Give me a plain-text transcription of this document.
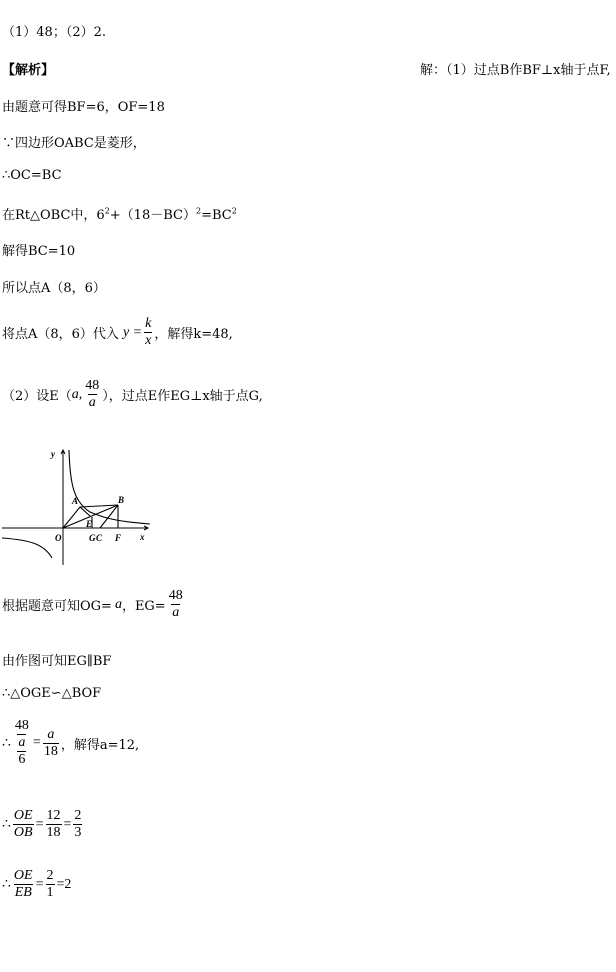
（1）48；（2）2.
【解析】	解：（1）过点B作BF⊥x轴于点F,
由题意可得BF=6，OF=18
∵四边形OABC是菱形，
∴OC=BC
在Rt△OBC中，$6^2+(18-BC)^2=BC^2$
解得BC=10
所以点A（8，6）
将点A（8，6）代入 $y = \frac{k}{x}$ ，解得k=48,
（2）设E（ a , $\frac{48}{a}$ ），过点E作EG⊥x轴于点G,
y
x
O
A	B
E
G C F
根据题意可知OG= a ，$EG= \frac{48}{a}$
由作图可知EG∥BF
∴△OGE∽△BOF
∴ $\frac{\frac{48}{a}}{6} = \frac{a}{18}$ ，解得a=12,
∴ $\frac{OE}{OB} = \frac{12}{18} = \frac{2}{3}$
∴ $\frac{OE}{EB} = \frac{2}{1} = 2$
